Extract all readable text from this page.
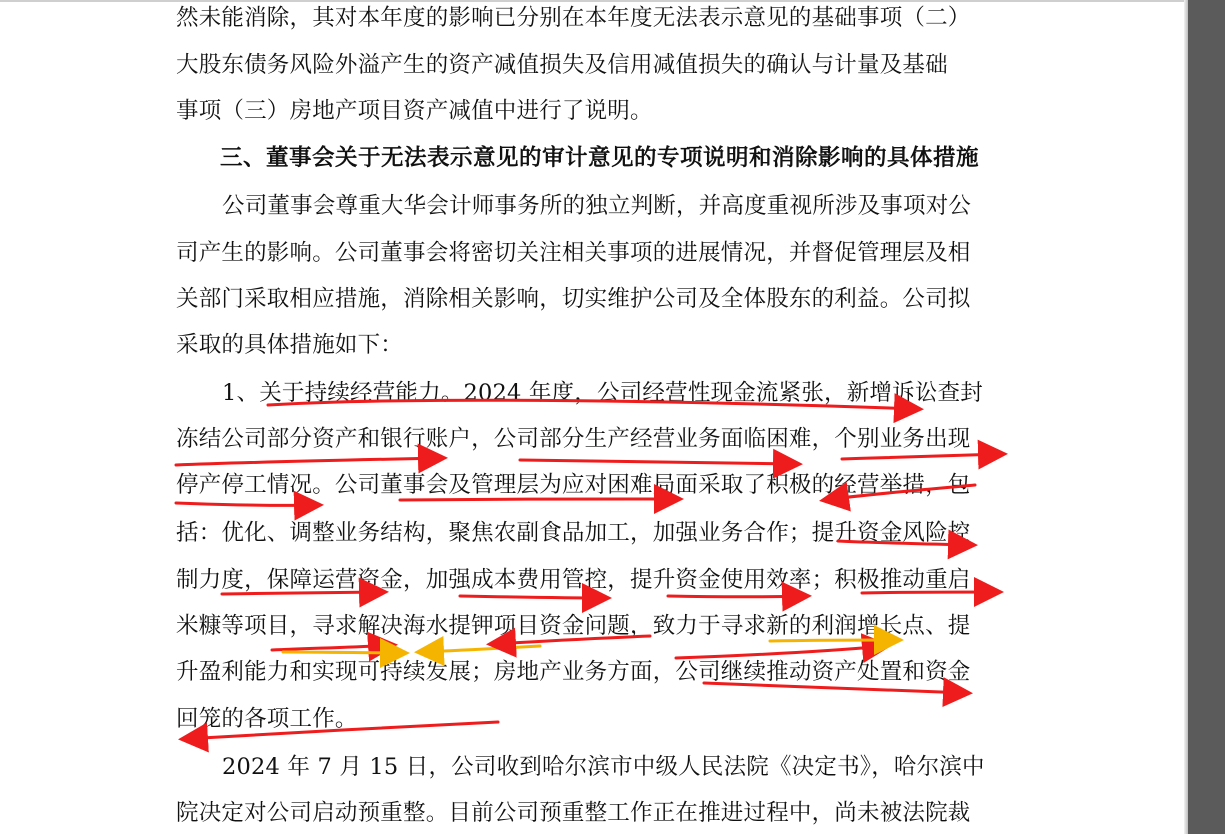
然未能消除，其对本年度的影响已分别在本年度无法表示意见的基础事项（二）
大股东债务风险外溢产生的资产减值损失及信用减值损失的确认与计量及基础
事项（三）房地产项目资产减值中进行了说明。
三、董事会关于无法表示意见的审计意见的专项说明和消除影响的具体措施
公司董事会尊重大华会计师事务所的独立判断，并高度重视所涉及事项对公
司产生的影响。公司董事会将密切关注相关事项的进展情况，并督促管理层及相
关部门采取相应措施，消除相关影响，切实维护公司及全体股东的利益。公司拟
采取的具体措施如下：
1、关于持续经营能力。2024 年度，公司经营性现金流紧张，新增诉讼查封
冻结公司部分资产和银行账户，公司部分生产经营业务面临困难，个别业务出现
停产停工情况。公司董事会及管理层为应对困难局面采取了积极的经营举措，包
括：优化、调整业务结构，聚焦农副食品加工，加强业务合作；提升资金风险控
制力度，保障运营资金，加强成本费用管控，提升资金使用效率；积极推动重启
米糠等项目，寻求解决海水提钾项目资金问题，致力于寻求新的利润增长点、提
升盈利能力和实现可持续发展；房地产业务方面，公司继续推动资产处置和资金
回笼的各项工作。
2024 年 7 月 15 日，公司收到哈尔滨市中级人民法院《决定书》，哈尔滨中
院决定对公司启动预重整。目前公司预重整工作正在推进过程中，尚未被法院裁
